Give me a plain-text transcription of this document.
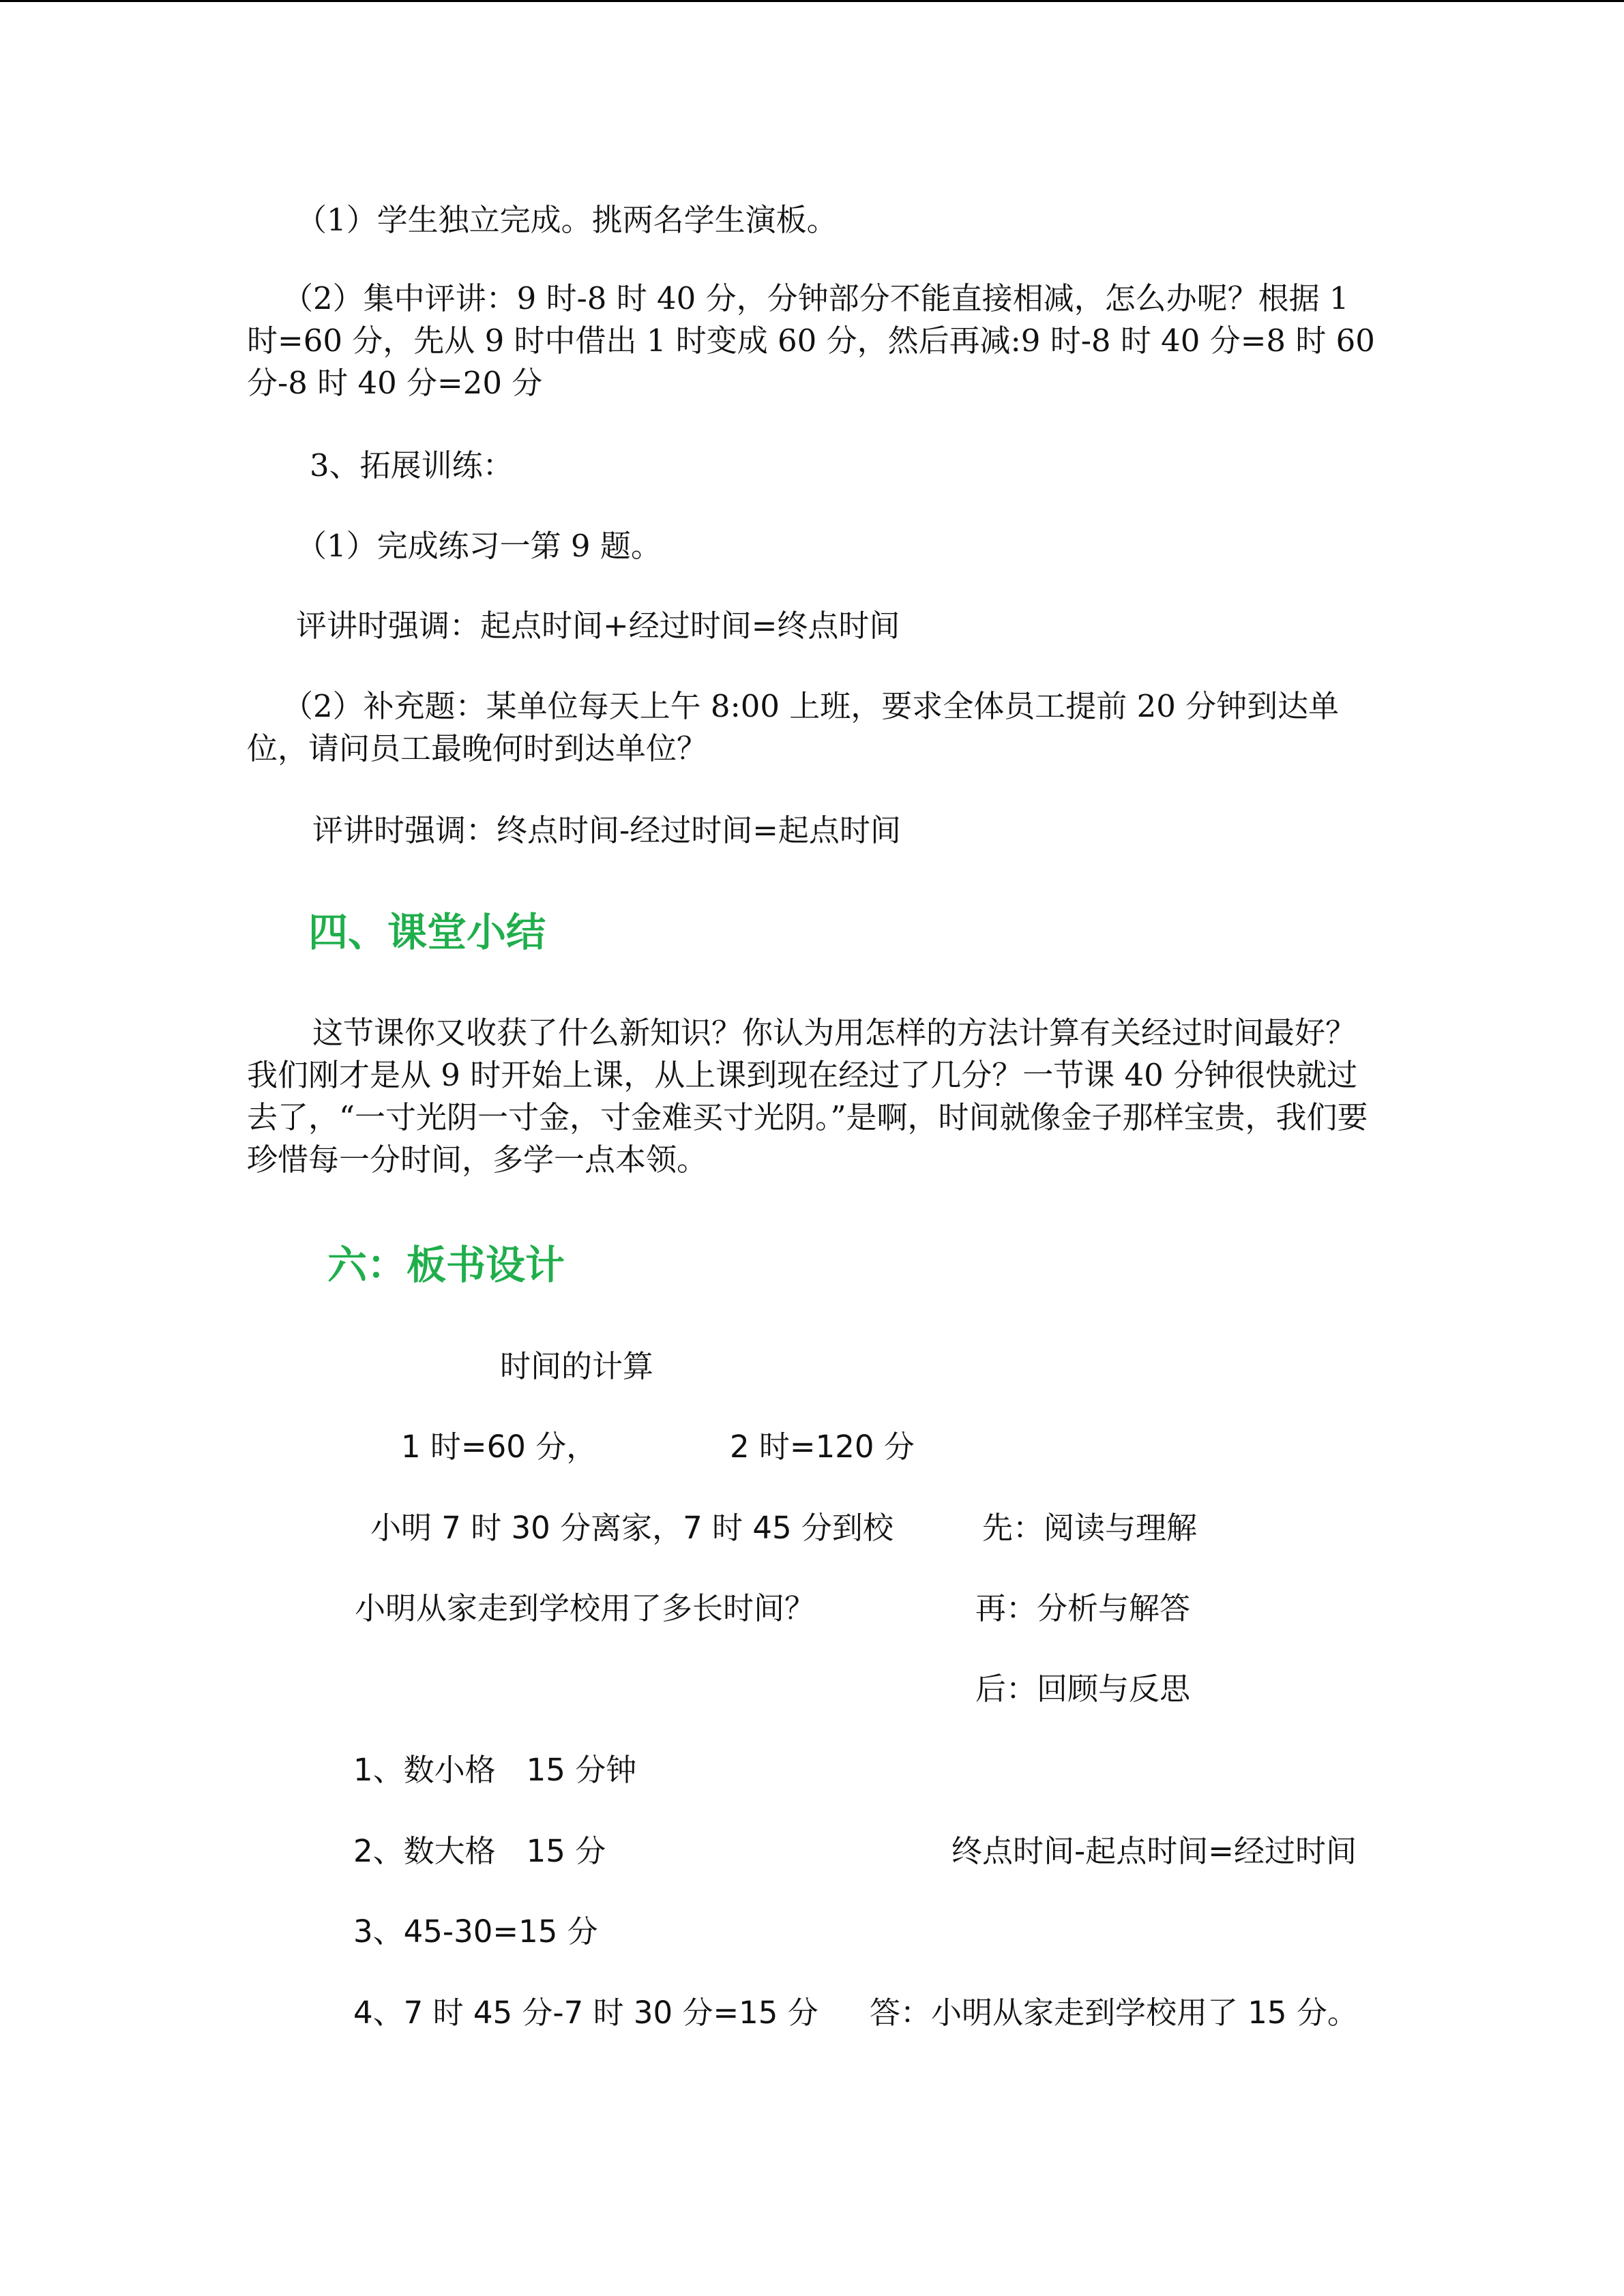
（1）学生独立完成。挑两名学生演板。

（2）集中评讲：9 时-8 时 40 分，分钟部分不能直接相减，怎么办呢？根据 1 时=60 分，先从 9 时中借出 1 时变成 60 分，然后再减:9 时-8 时 40 分=8 时 60 分-8 时 40 分=20 分

3、拓展训练：

（1）完成练习一第 9 题。

评讲时强调：起点时间+经过时间=终点时间

（2）补充题：某单位每天上午 8:00 上班，要求全体员工提前 20 分钟到达单位，请问员工最晚何时到达单位？

评讲时强调：终点时间-经过时间=起点时间

四、课堂小结

这节课你又收获了什么新知识？你认为用怎样的方法计算有关经过时间最好？我们刚才是从 9 时开始上课，从上课到现在经过了几分？一节课 40 分钟很快就过去了，“一寸光阴一寸金，寸金难买寸光阴。”是啊，时间就像金子那样宝贵，我们要珍惜每一分时间，多学一点本领。

六：板书设计
时间的计算
1 时=60 分，	2 时=120 分
小明 7 时 30 分离家，7 时 45 分到校	先：阅读与理解
小明从家走到学校用了多长时间？	再：分析与解答
后：回顾与反思
1、数小格　15 分钟
2、数大格　15 分	终点时间-起点时间=经过时间
3、45-30=15 分
4、7 时 45 分-7 时 30 分=15 分 答：小明从家走到学校用了 15 分。
